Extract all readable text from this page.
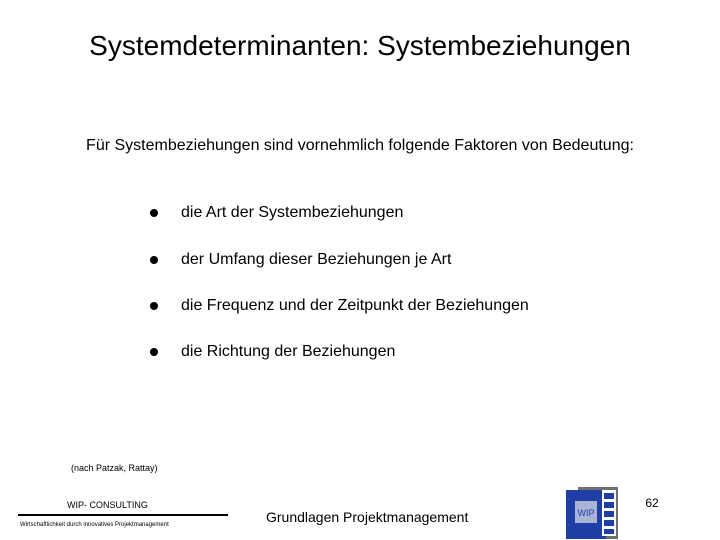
Systemdeterminanten: Systembeziehungen
Für Systembeziehungen sind vornehmlich folgende Faktoren von Bedeutung:
die Art der Systembeziehungen
der Umfang dieser Beziehungen je Art
die Frequenz und der Zeitpunkt der Beziehungen
die Richtung der Beziehungen
(nach Patzak, Rattay)
WIP- CONSULTING
Wirtschaftlichkeit durch innovatives Projektmanagement	Grundlagen Projektmanagement	WIP
62
